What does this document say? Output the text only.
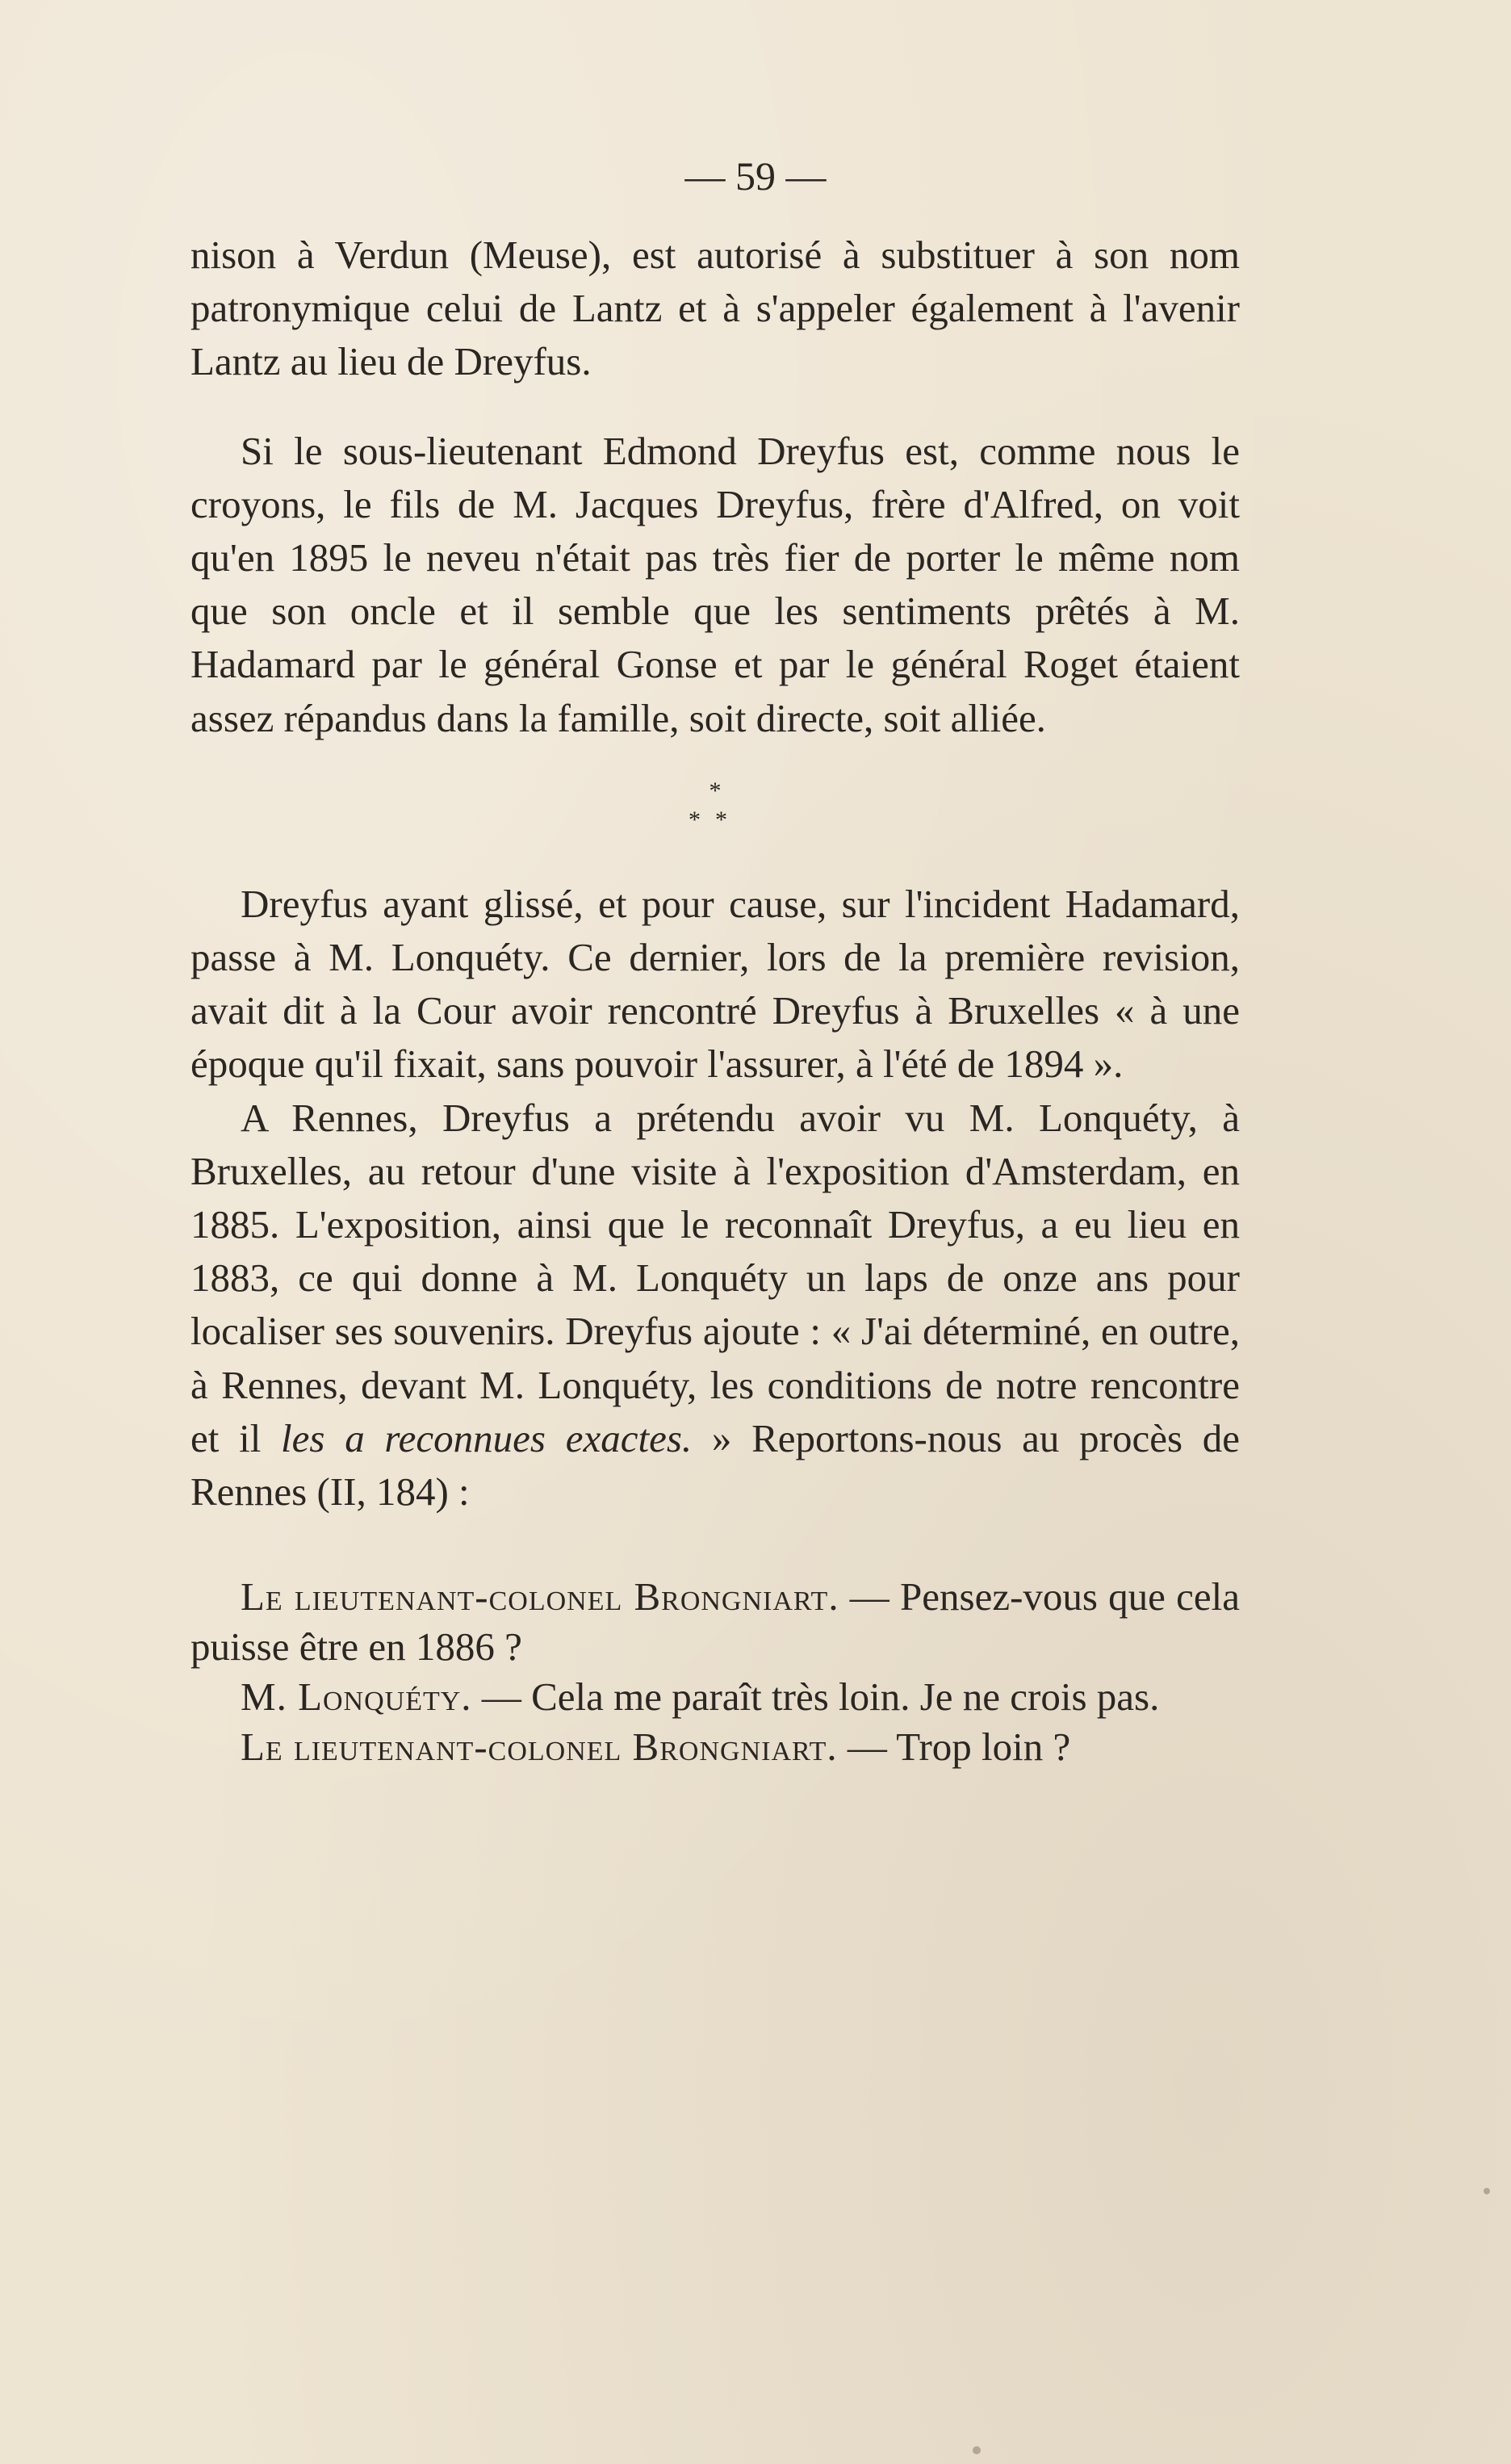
— 59 —

nison à Verdun (Meuse), est autorisé à substituer à son nom patronymique celui de Lantz et à s'appeler également à l'avenir Lantz au lieu de Dreyfus.

Si le sous-lieutenant Edmond Dreyfus est, comme nous le croyons, le fils de M. Jacques Dreyfus, frère d'Alfred, on voit qu'en 1895 le neveu n'était pas très fier de porter le même nom que son oncle et il semble que les sentiments prêtés à M. Hadamard par le général Gonse et par le général Roget étaient assez répandus dans la famille, soit directe, soit alliée.

*
**

Dreyfus ayant glissé, et pour cause, sur l'incident Hadamard, passe à M. Lonquéty. Ce dernier, lors de la première revision, avait dit à la Cour avoir rencontré Dreyfus à Bruxelles « à une époque qu'il fixait, sans pouvoir l'assurer, à l'été de 1894 ».

A Rennes, Dreyfus a prétendu avoir vu M. Lonquéty, à Bruxelles, au retour d'une visite à l'exposition d'Amsterdam, en 1885. L'exposition, ainsi que le reconnaît Dreyfus, a eu lieu en 1883, ce qui donne à M. Lonquéty un laps de onze ans pour localiser ses souvenirs. Dreyfus ajoute : « J'ai déterminé, en outre, à Rennes, devant M. Lonquéty, les conditions de notre rencontre et il les a reconnues exactes. » Reportons-nous au procès de Rennes (II, 184) :

Le lieutenant-colonel Brongniart. — Pensez-vous que cela puisse être en 1886 ?

M. Lonquéty. — Cela me paraît très loin. Je ne crois pas.

Le lieutenant-colonel Brongniart. — Trop loin ?
